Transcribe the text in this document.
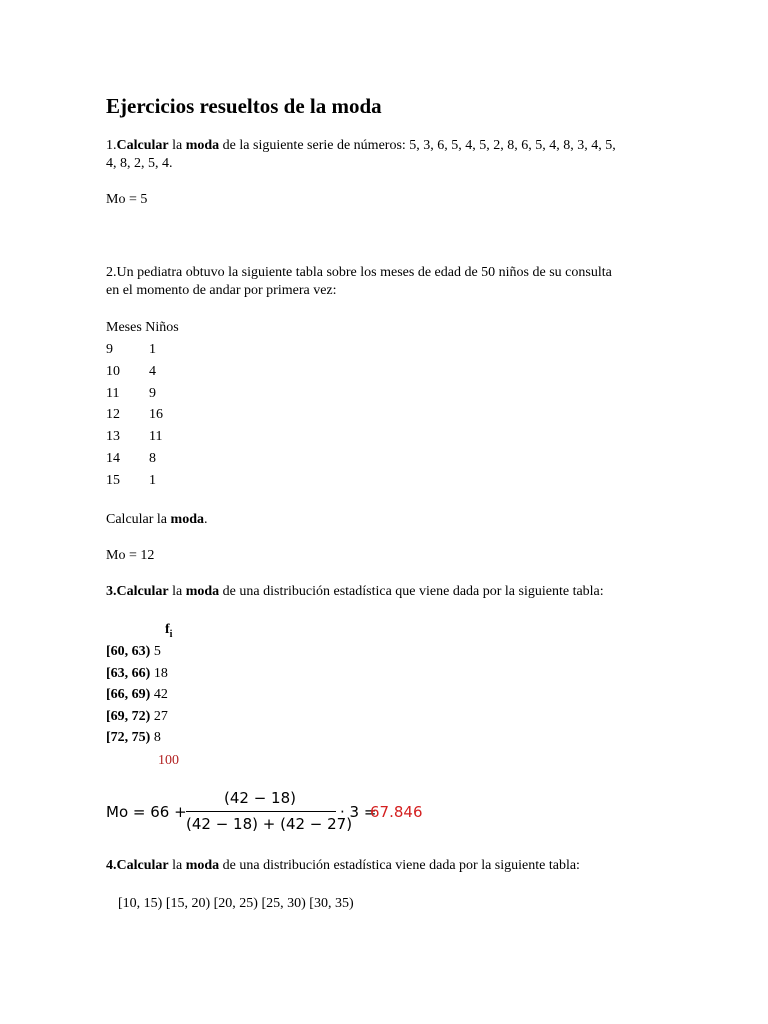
Ejercicios resueltos de la moda
1.Calcular la moda de la siguiente serie de números: 5, 3, 6, 5, 4, 5, 2, 8, 6, 5, 4, 8, 3, 4, 5,
4, 8, 2, 5, 4.
Mo = 5
2.Un pediatra obtuvo la siguiente tabla sobre los meses de edad de 50 niños de su consulta
en el momento de andar por primera vez:
Meses Niños
9	1
10 4
11 9
12 16
13 11
14 8
15 1
Calcular la moda.
Mo = 12
3.Calcular la moda de una distribución estadística que viene dada por la siguiente tabla:
$f_i$
[60, 63) 5
[63, 66) 18
[66, 69) 42
[69, 72) 27
[72, 75) 8
100
Mo = 66 +
(42 − 18)
(42 − 18) + (42 − 27)
· 3 =
67.846
4.Calcular la moda de una distribución estadística viene dada por la siguiente tabla:
[10, 15) [15, 20) [20, 25) [25, 30) [30, 35)
